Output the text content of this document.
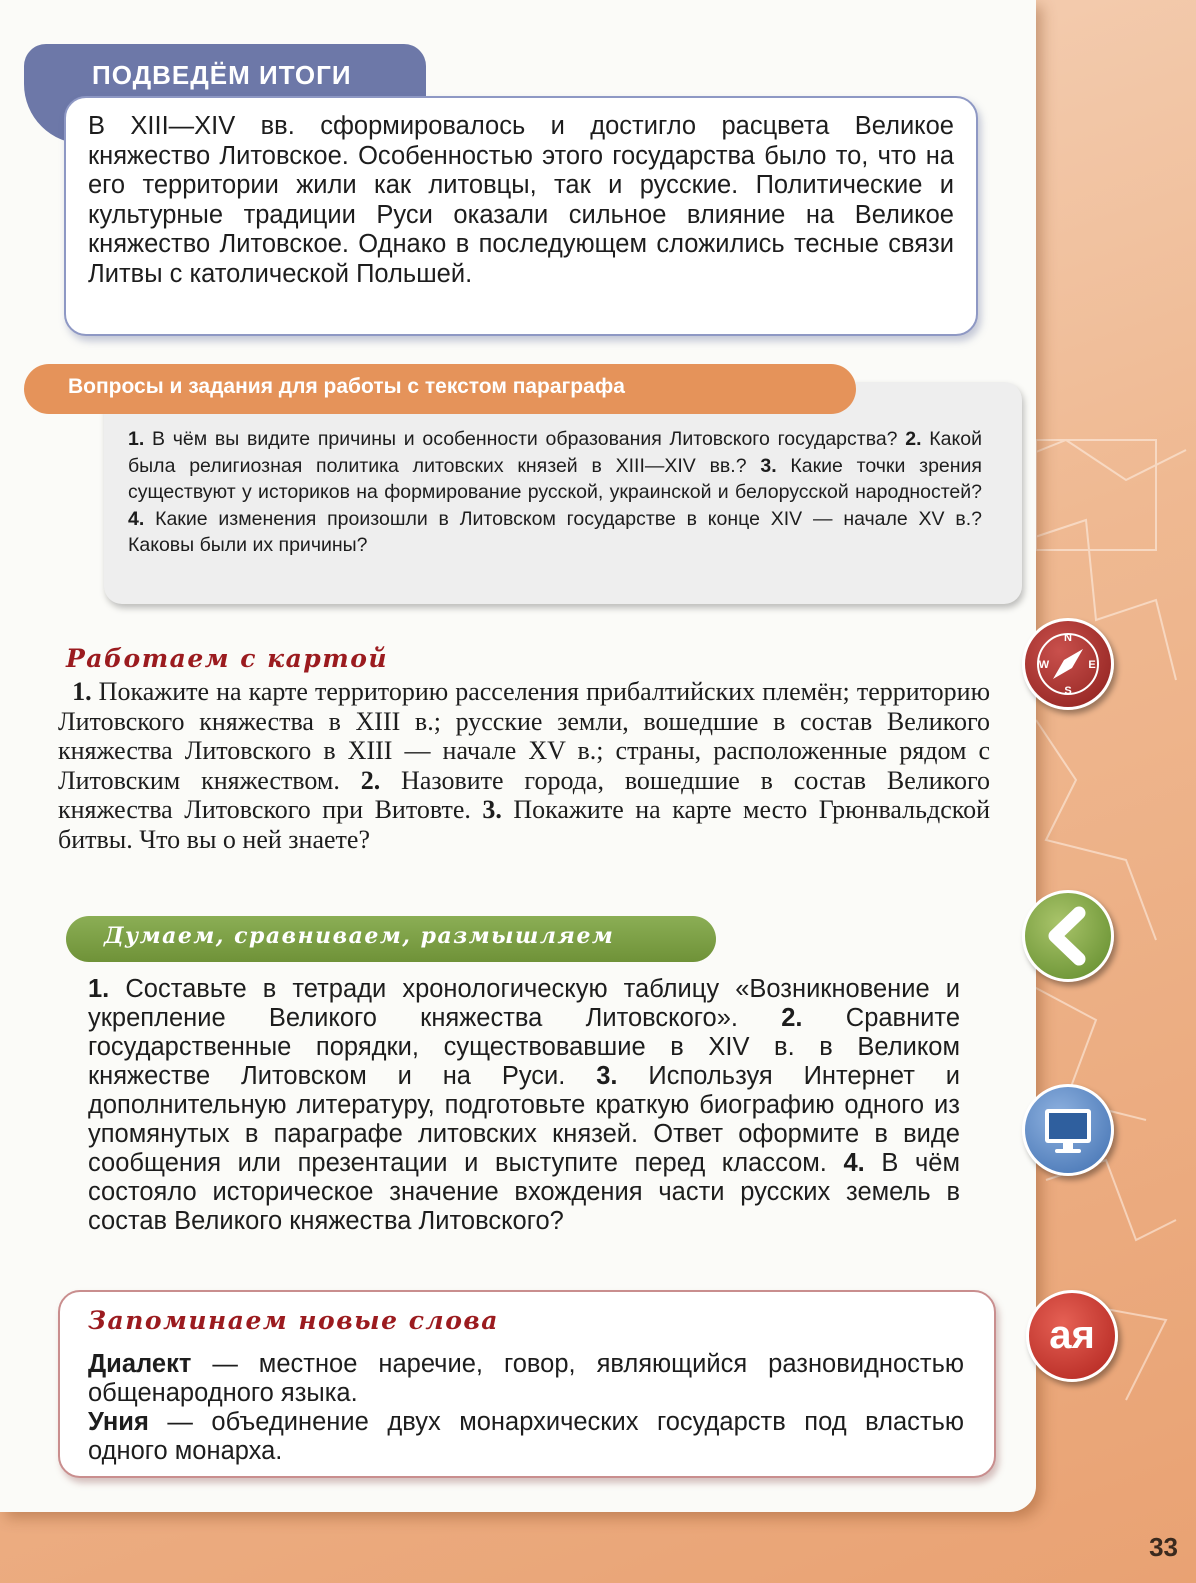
ПОДВЕДЁМ ИТОГИ

В XIII—XIV вв. сформировалось и достигло расцвета Великое княжество Литовское. Особенностью этого государства было то, что на его территории жили как литовцы, так и русские. Политические и культурные традиции Руси оказали сильное влияние на Великое княжество Литовское. Однако в последующем сложились тесные связи Литвы с католической Польшей.

1. В чём вы видите причины и особенности образования Литовского государства? 2. Какой была религиозная политика литовских князей в XIII—XIV вв.? 3. Какие точки зрения существуют у историков на формирование русской, украинской и белорусской народностей? 4. Какие изменения произошли в Литовском государстве в конце XIV — начале XV в.? Каковы были их причины?

Вопросы и задания для работы с текстом параграфа
Работаем с картой
1. Покажите на карте территорию расселения прибалтийских племён; территорию Литовского княжества в XIII в.; русские земли, вошедшие в состав Великого княжества Литовского в XIII — начале XV в.; страны, расположенные рядом с Литовским княжеством. 2. Назовите города, вошедшие в состав Великого княжества Литовского при Витовте. 3. Покажите на карте место Грюнвальдской битвы. Что вы о ней знаете?
Думаем, сравниваем, размышляем
1. Составьте в тетради хронологическую таблицу «Возникновение и укрепление Великого княжества Литовского». 2. Сравните государственные порядки, существовавшие в XIV в. в Великом княжестве Литовском и на Руси. 3. Используя Интернет и дополнительную литературу, подготовьте краткую биографию одного из упомянутых в параграфе литовских князей. Ответ оформите в виде сообщения или презентации и выступите перед классом. 4. В чём состояло историческое значение вхождения части русских земель в состав Великого княжества Литовского?
Запоминаем новые слова
Диалект — местное наречие, говор, являющийся разновидностью общенародного языка.
Уния — объединение двух монархических государств под властью одного монарха.
N
E
S
W
ая
33
